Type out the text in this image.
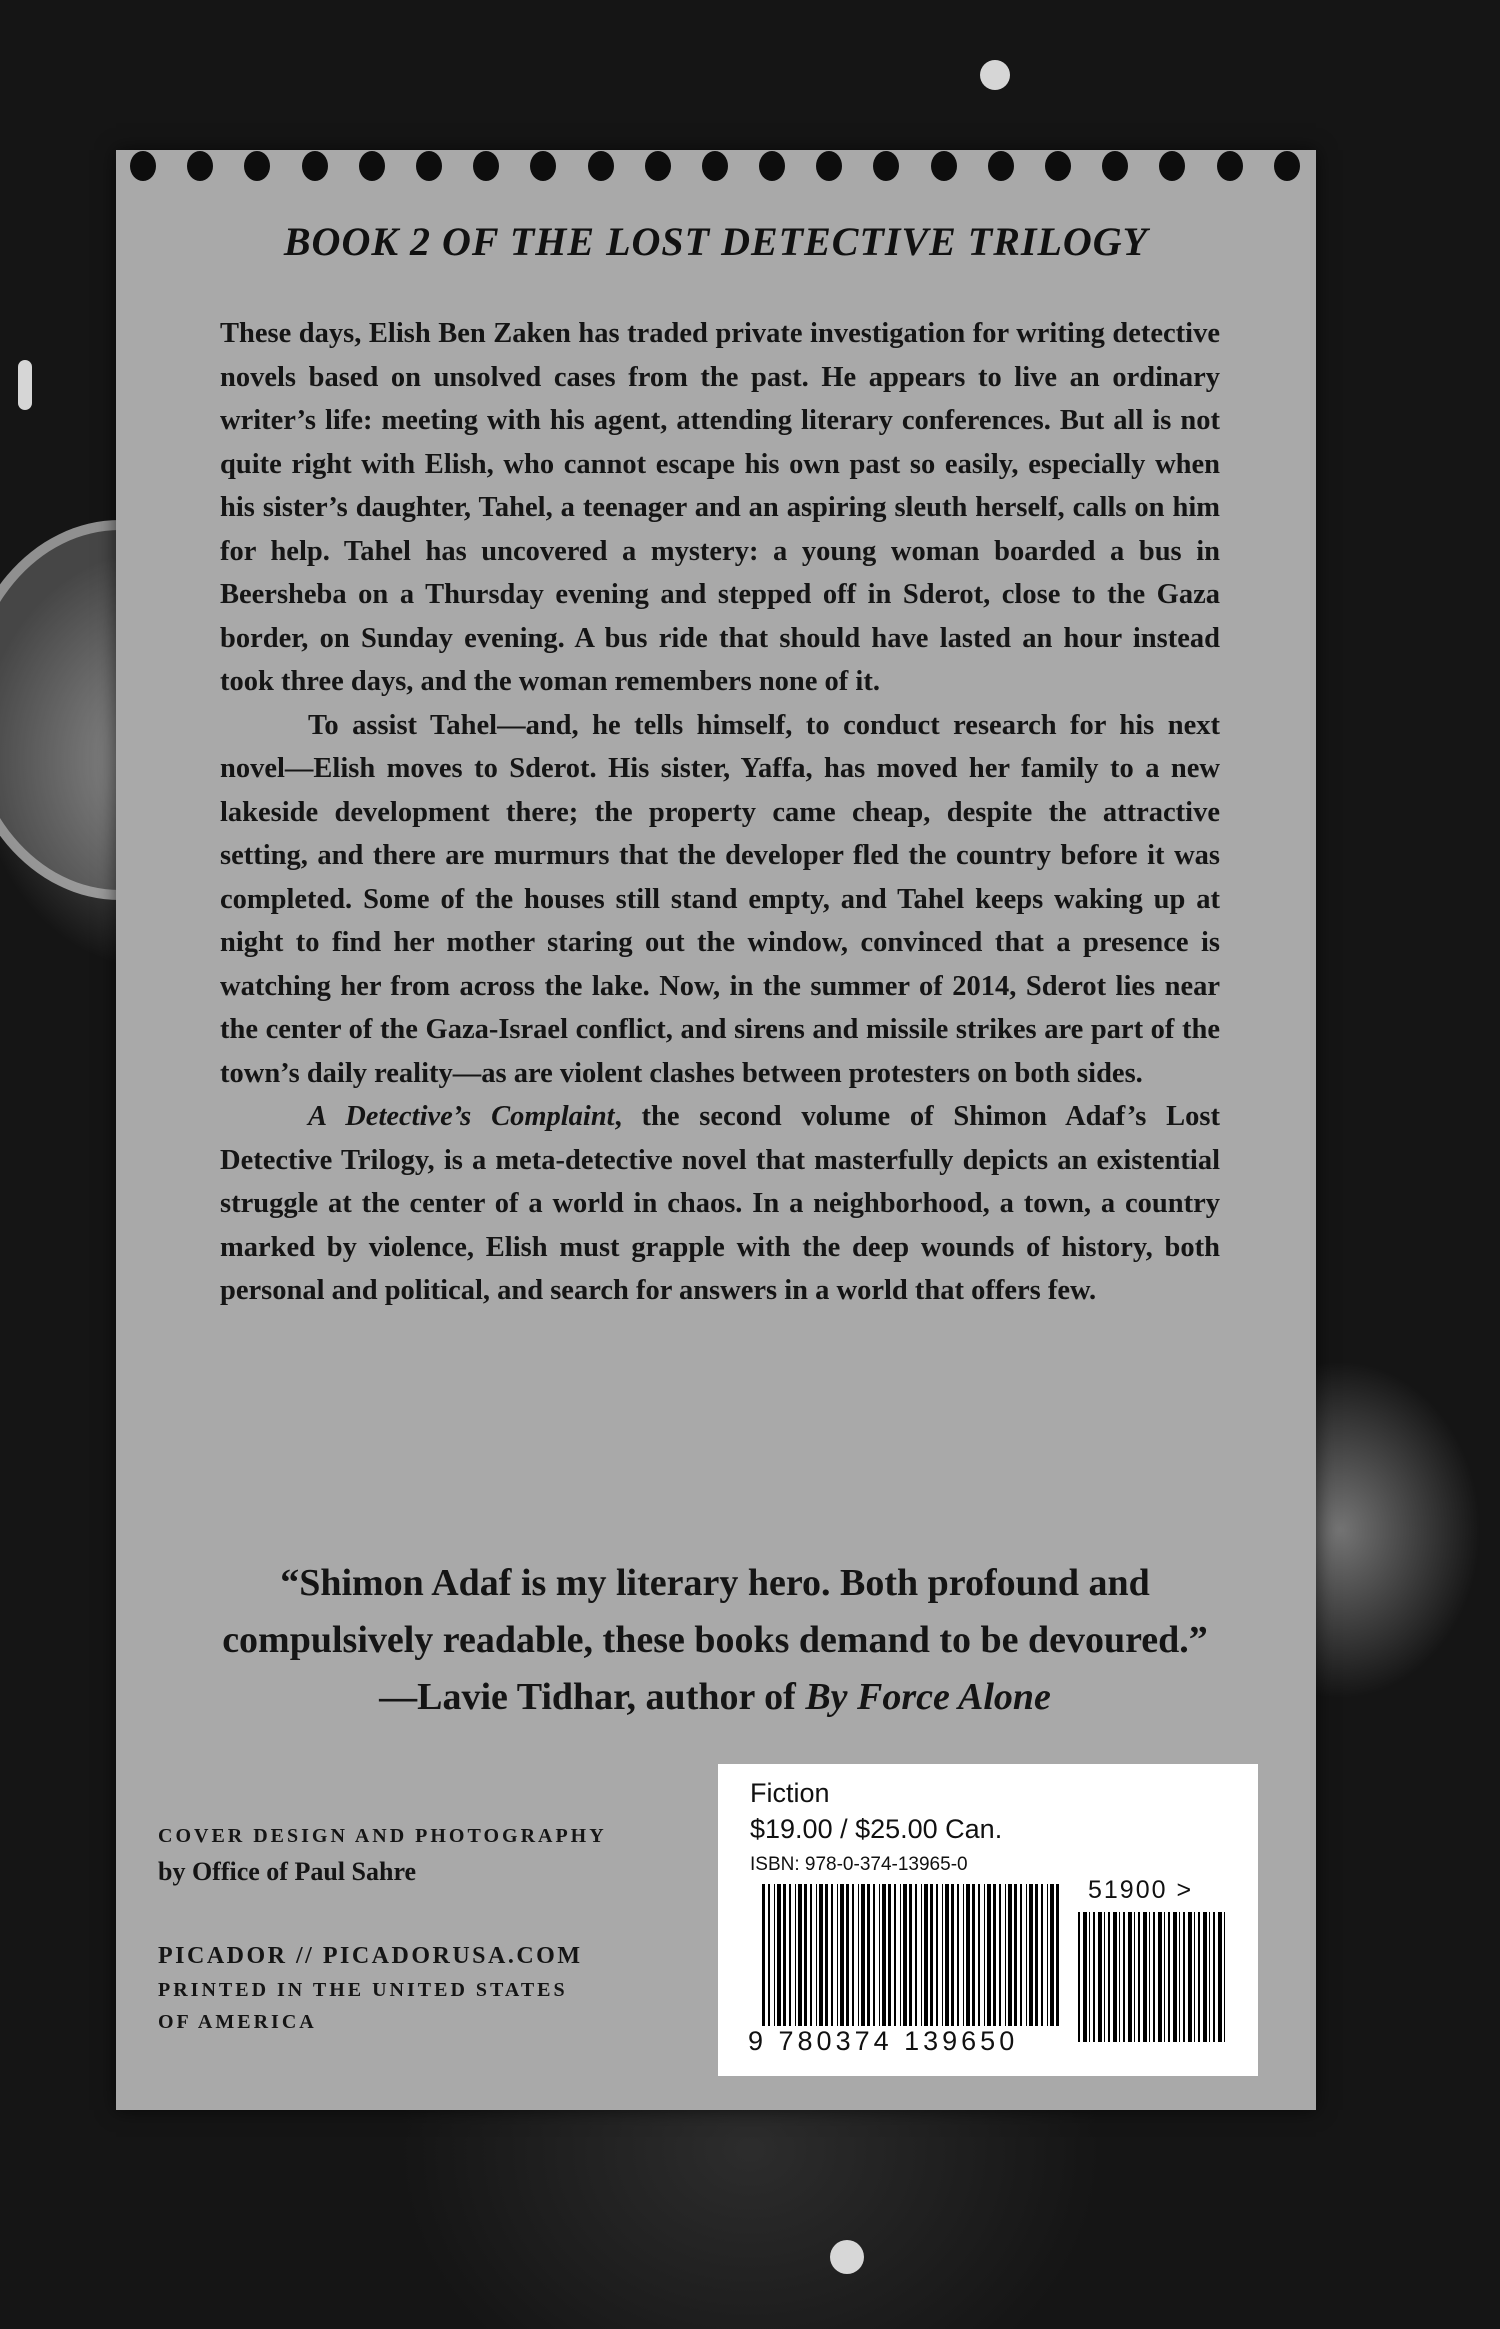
BOOK 2 OF THE LOST DETECTIVE TRILOGY

These days, Elish Ben Zaken has traded private investigation for writing detective novels based on unsolved cases from the past. He appears to live an ordinary writer’s life: meeting with his agent, attending literary conferences. But all is not quite right with Elish, who cannot escape his own past so easily, especially when his sister’s daughter, Tahel, a teenager and an aspiring sleuth herself, calls on him for help. Tahel has uncovered a mystery: a young woman boarded a bus in Beersheba on a Thursday evening and stepped off in Sderot, close to the Gaza border, on Sunday evening. A bus ride that should have lasted an hour instead took three days, and the woman remembers none of it.

To assist Tahel—and, he tells himself, to conduct research for his next novel—Elish moves to Sderot. His sister, Yaffa, has moved her family to a new lakeside development there; the property came cheap, despite the attractive setting, and there are murmurs that the developer fled the country before it was completed. Some of the houses still stand empty, and Tahel keeps waking up at night to find her mother staring out the window, convinced that a presence is watching her from across the lake. Now, in the summer of 2014, Sderot lies near the center of the Gaza-Israel conflict, and sirens and missile strikes are part of the town’s daily reality—as are violent clashes between protesters on both sides.

A Detective’s Complaint, the second volume of Shimon Adaf’s Lost Detective Trilogy, is a meta-detective novel that masterfully depicts an existential struggle at the center of a world in chaos. In a neighborhood, a town, a country marked by violence, Elish must grapple with the deep wounds of history, both personal and political, and search for answers in a world that offers few.

“Shimon Adaf is my literary hero. Both profound and compulsively readable, these books demand to be devoured.” —Lavie Tidhar, author of By Force Alone
COVER DESIGN AND PHOTOGRAPHY
by Office of Paul Sahre
PICADOR // PICADORUSA.COM
PRINTED IN THE UNITED STATES
OF AMERICA
Fiction
$19.00 / $25.00 Can.
ISBN: 978-0-374-13965-0
51900 >
9 780374 139650
